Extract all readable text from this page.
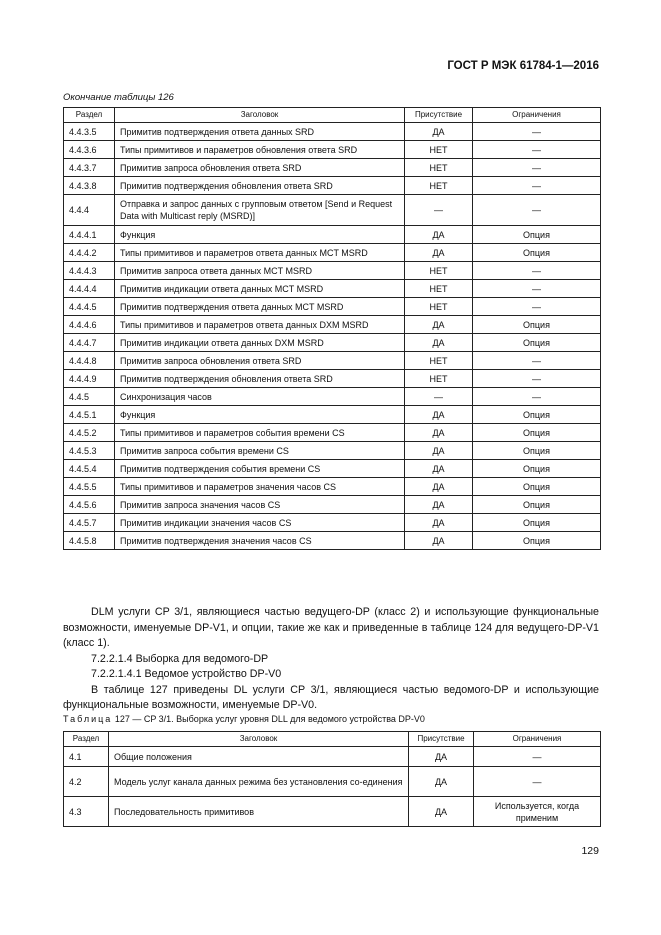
ГОСТ Р МЭК 61784-1—2016
Окончание таблицы 126
Раздел	Заголовок	Присутствие	Ограничения
4.4.3.5	Примитив подтверждения ответа данных SRD	ДА	—
4.4.3.6	Типы примитивов и параметров обновления ответа SRD	НЕТ	—
4.4.3.7	Примитив запроса обновления ответа SRD	НЕТ	—
4.4.3.8	Примитив подтверждения обновления ответа SRD	НЕТ	—
4.4.4	Отправка и запрос данных с групповым ответом [Send и Request Data with Multicast reply (MSRD)]	—	—
4.4.4.1	Функция	ДА	Опция
4.4.4.2	Типы примитивов и параметров ответа данных MCT MSRD	ДА	Опция
4.4.4.3	Примитив запроса ответа данных MCT MSRD	НЕТ	—
4.4.4.4	Примитив индикации ответа данных MCT MSRD	НЕТ	—
4.4.4.5	Примитив подтверждения ответа данных MCT MSRD	НЕТ	—
4.4.4.6	Типы примитивов и параметров ответа данных DXM MSRD	ДА	Опция
4.4.4.7	Примитив индикации ответа данных DXM MSRD	ДА	Опция
4.4.4.8	Примитив запроса обновления ответа SRD	НЕТ	—
4.4.4.9	Примитив подтверждения обновления ответа SRD	НЕТ	—
4.4.5	Синхронизация часов	—	—
4.4.5.1	Функция	ДА	Опция
4.4.5.2	Типы примитивов и параметров события времени CS	ДА	Опция
4.4.5.3	Примитив запроса события времени CS	ДА	Опция
4.4.5.4	Примитив подтверждения события времени CS	ДА	Опция
4.4.5.5	Типы примитивов и параметров значения часов CS	ДА	Опция
4.4.5.6	Примитив запроса значения часов CS	ДА	Опция
4.4.5.7	Примитив индикации значения часов CS	ДА	Опция
4.4.5.8	Примитив подтверждения значения часов CS	ДА	Опция

DLM услуги CP 3/1, являющиеся частью ведущего-DP (класс 2) и использующие функциональные возможности, именуемые DP-V1, и опции, такие же как и приведенные в таблице 124 для ведущего-DP-V1 (класс 1).

7.2.2.1.4 Выборка для ведомого-DP

7.2.2.1.4.1 Ведомое устройство DP-V0

В таблице 127 приведены DL услуги CP 3/1, являющиеся частью ведомого-DP и использующие функциональные возможности, именуемые DP-V0.

Таблица 127 — CP 3/1. Выборка услуг уровня DLL для ведомого устройства DP-V0
Раздел	Заголовок	Присутствие	Ограничения
4.1	Общие положения	ДА	—
4.2	Модель услуг канала данных режима без установления со-единения	ДА	—
4.3	Последовательность примитивов	ДА	Используется, когда применим
129
